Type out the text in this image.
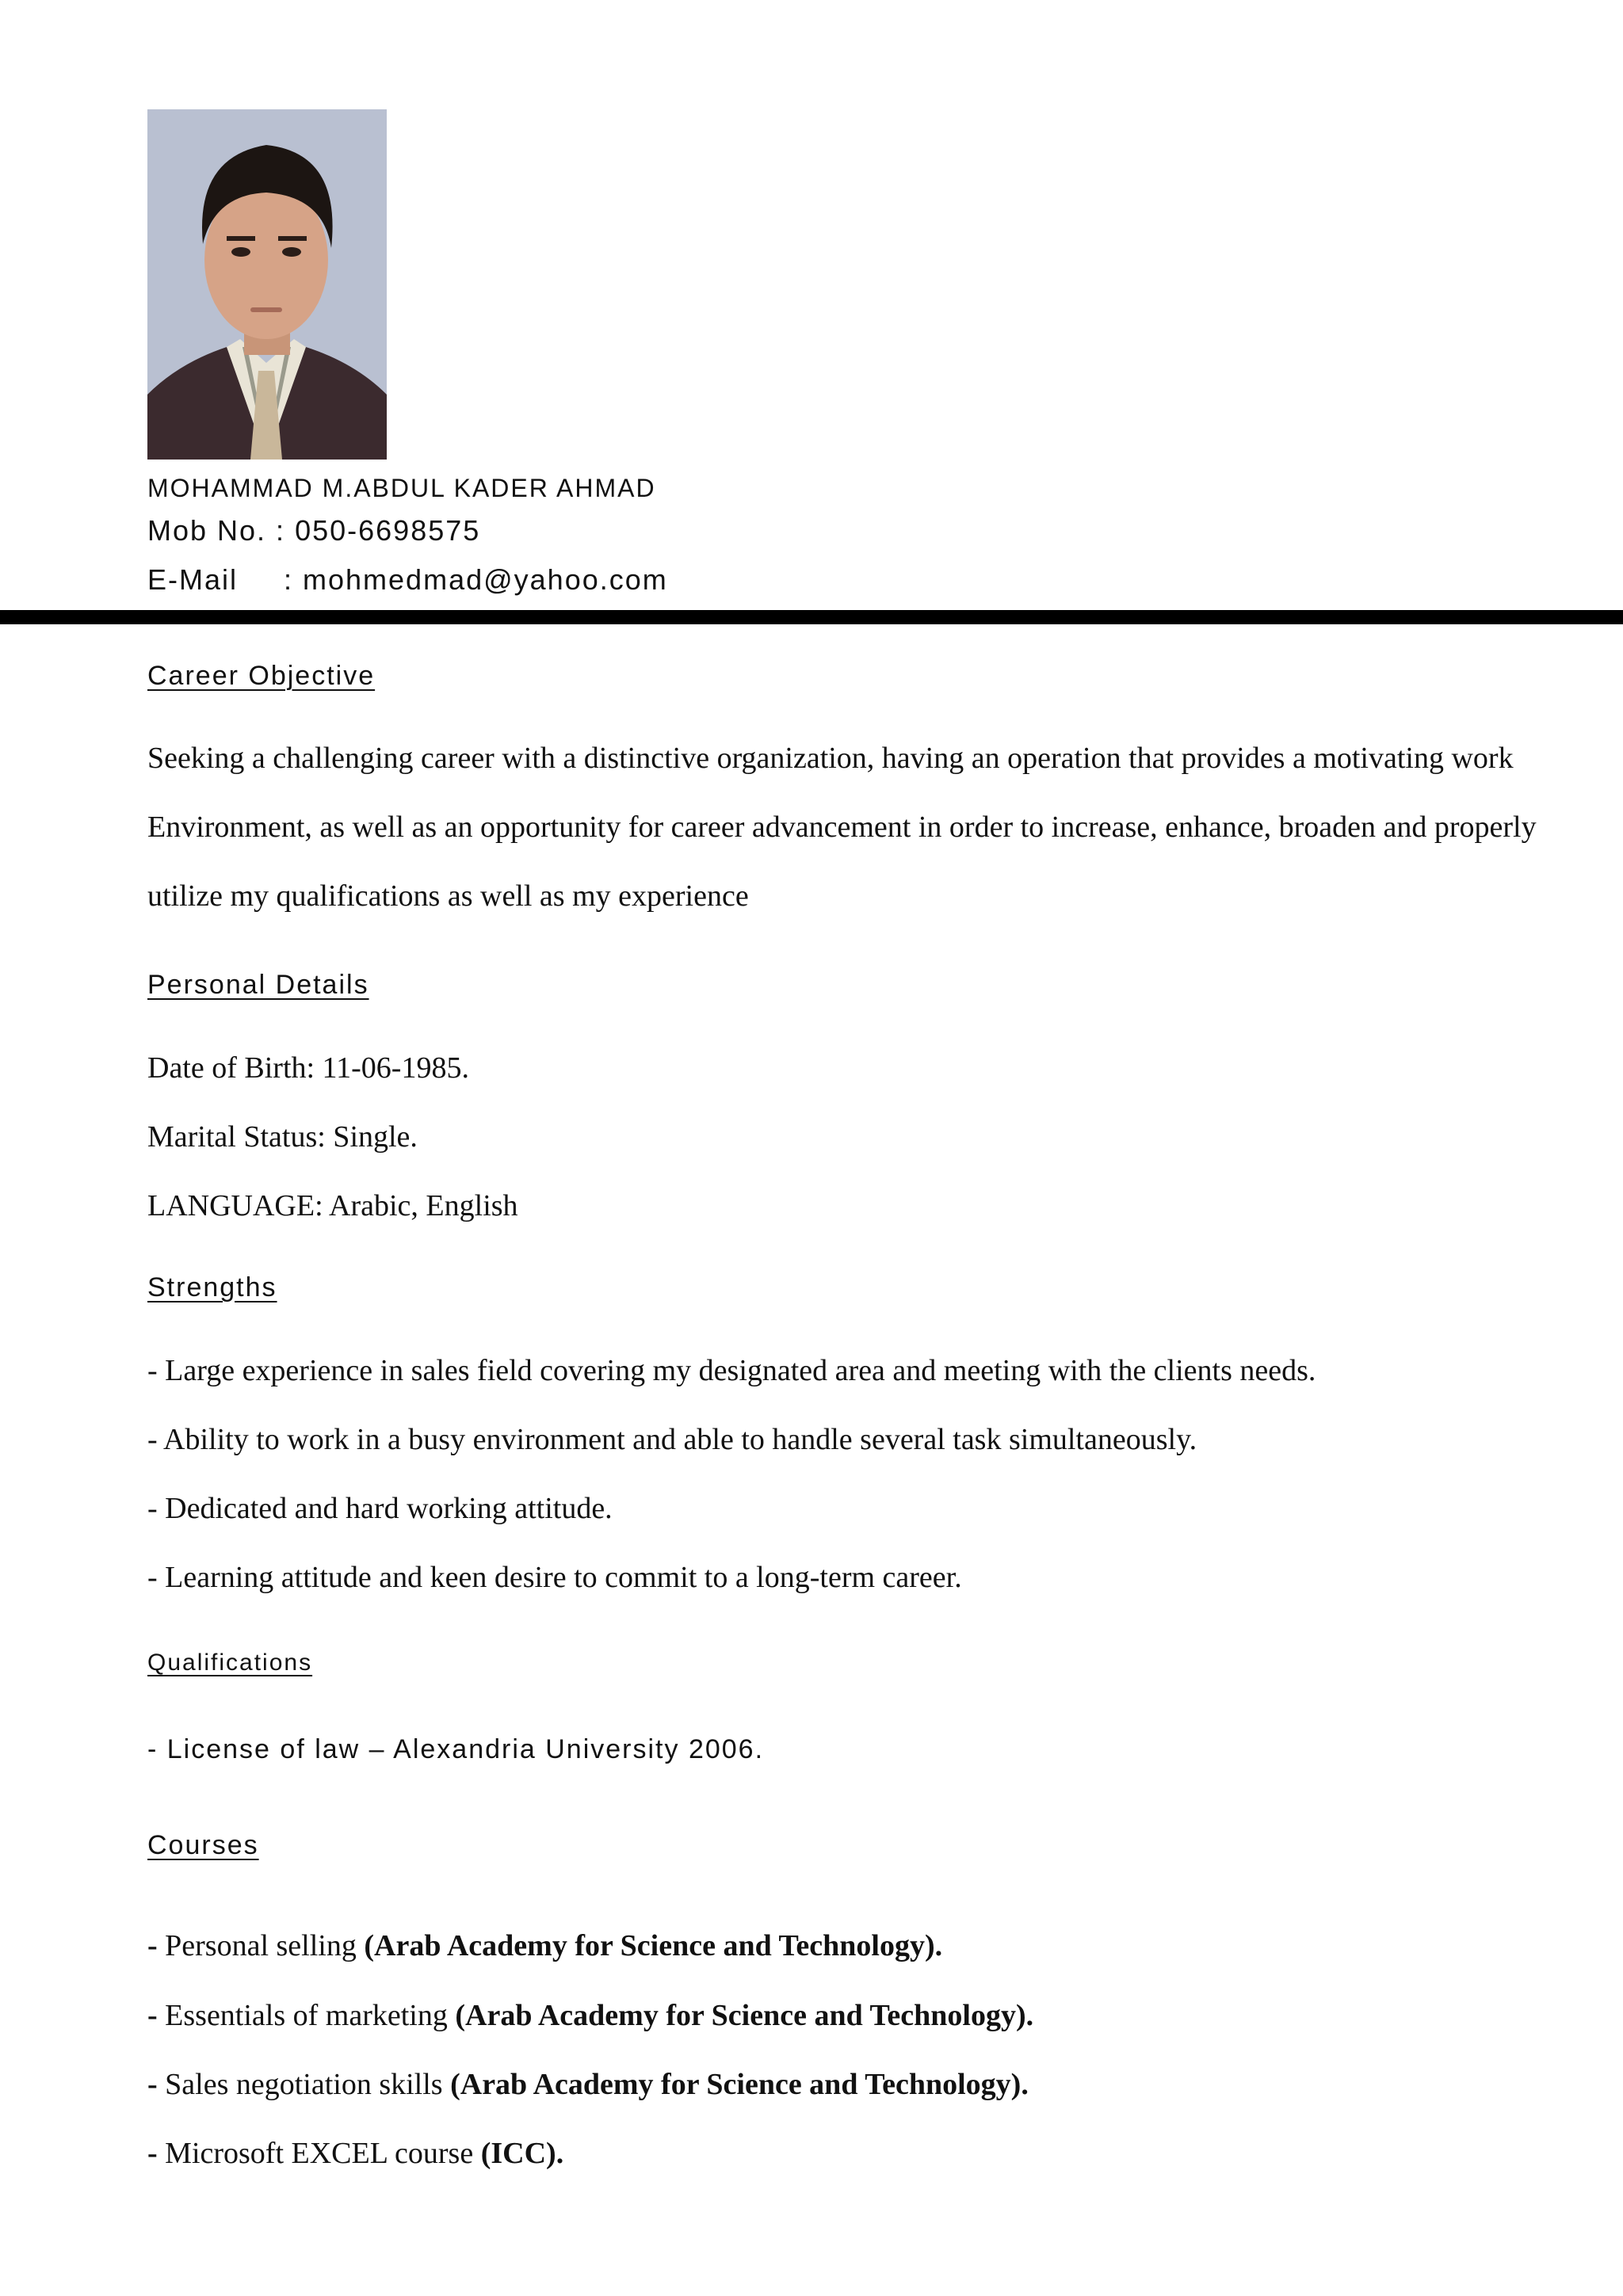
MOHAMMAD M.ABDUL KADER AHMAD
Mob No. : 050-6698575
E-Mail : mohmedmad@yahoo.com
Career Objective
Seeking a challenging career with a distinctive organization, having an operation that provides a motivating work Environment, as well as an opportunity for career advancement in order to increase, enhance, broaden and properly utilize my qualifications as well as my experience
Personal Details
Date of Birth: 11-06-1985.
Marital Status: Single.
LANGUAGE: Arabic, English
Strengths
- Large experience in sales field covering my designated area and meeting with the clients needs.
- Ability to work in a busy environment and able to handle several task simultaneously.
- Dedicated and hard working attitude.
- Learning attitude and keen desire to commit to a long-term career.
Qualifications
- License of law – Alexandria University 2006.
Courses
- Personal selling (Arab Academy for Science and Technology).
- Essentials of marketing (Arab Academy for Science and Technology).
- Sales negotiation skills (Arab Academy for Science and Technology).
- Microsoft EXCEL course (ICC).
